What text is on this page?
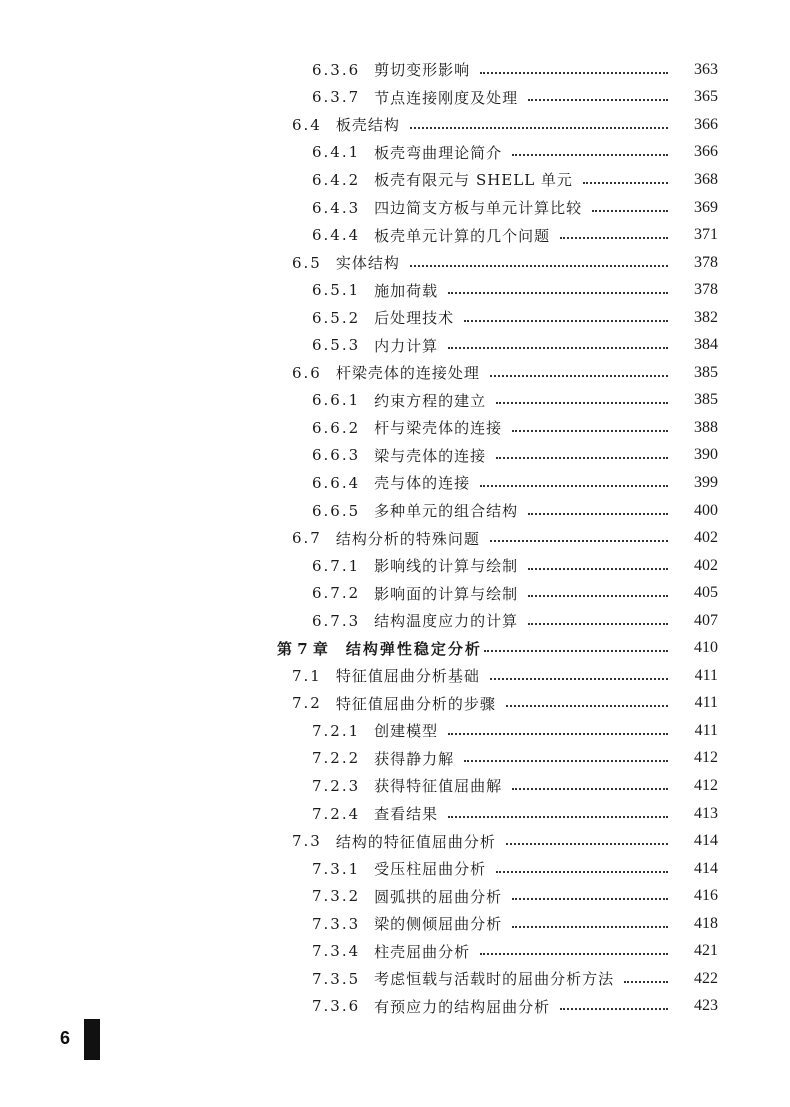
6.3.6 剪切变形影响	363
6.3.7 节点连接刚度及处理	365
6.4 板壳结构	366
6.4.1 板壳弯曲理论简介	366
6.4.2 板壳有限元与 SHELL 单元	368
6.4.3 四边简支方板与单元计算比较	369
6.4.4 板壳单元计算的几个问题	371
6.5 实体结构	378
6.5.1 施加荷载	378
6.5.2 后处理技术	382
6.5.3 内力计算	384
6.6 杆梁壳体的连接处理	385
6.6.1 约束方程的建立	385
6.6.2 杆与梁壳体的连接	388
6.6.3 梁与壳体的连接	390
6.6.4 壳与体的连接	399
6.6.5 多种单元的组合结构	400
6.7 结构分析的特殊问题	402
6.7.1 影响线的计算与绘制	402
6.7.2 影响面的计算与绘制	405
6.7.3 结构温度应力的计算	407
第 7 章 结构弹性稳定分析	410
7.1 特征值屈曲分析基础	411
7.2 特征值屈曲分析的步骤	411
7.2.1 创建模型	411
7.2.2 获得静力解	412
7.2.3 获得特征值屈曲解	412
7.2.4 查看结果	413
7.3 结构的特征值屈曲分析	414
7.3.1 受压柱屈曲分析	414
7.3.2 圆弧拱的屈曲分析	416
7.3.3 梁的侧倾屈曲分析	418
7.3.4 柱壳屈曲分析	421
7.3.5 考虑恒载与活载时的屈曲分析方法	422
7.3.6 有预应力的结构屈曲分析	423
6
